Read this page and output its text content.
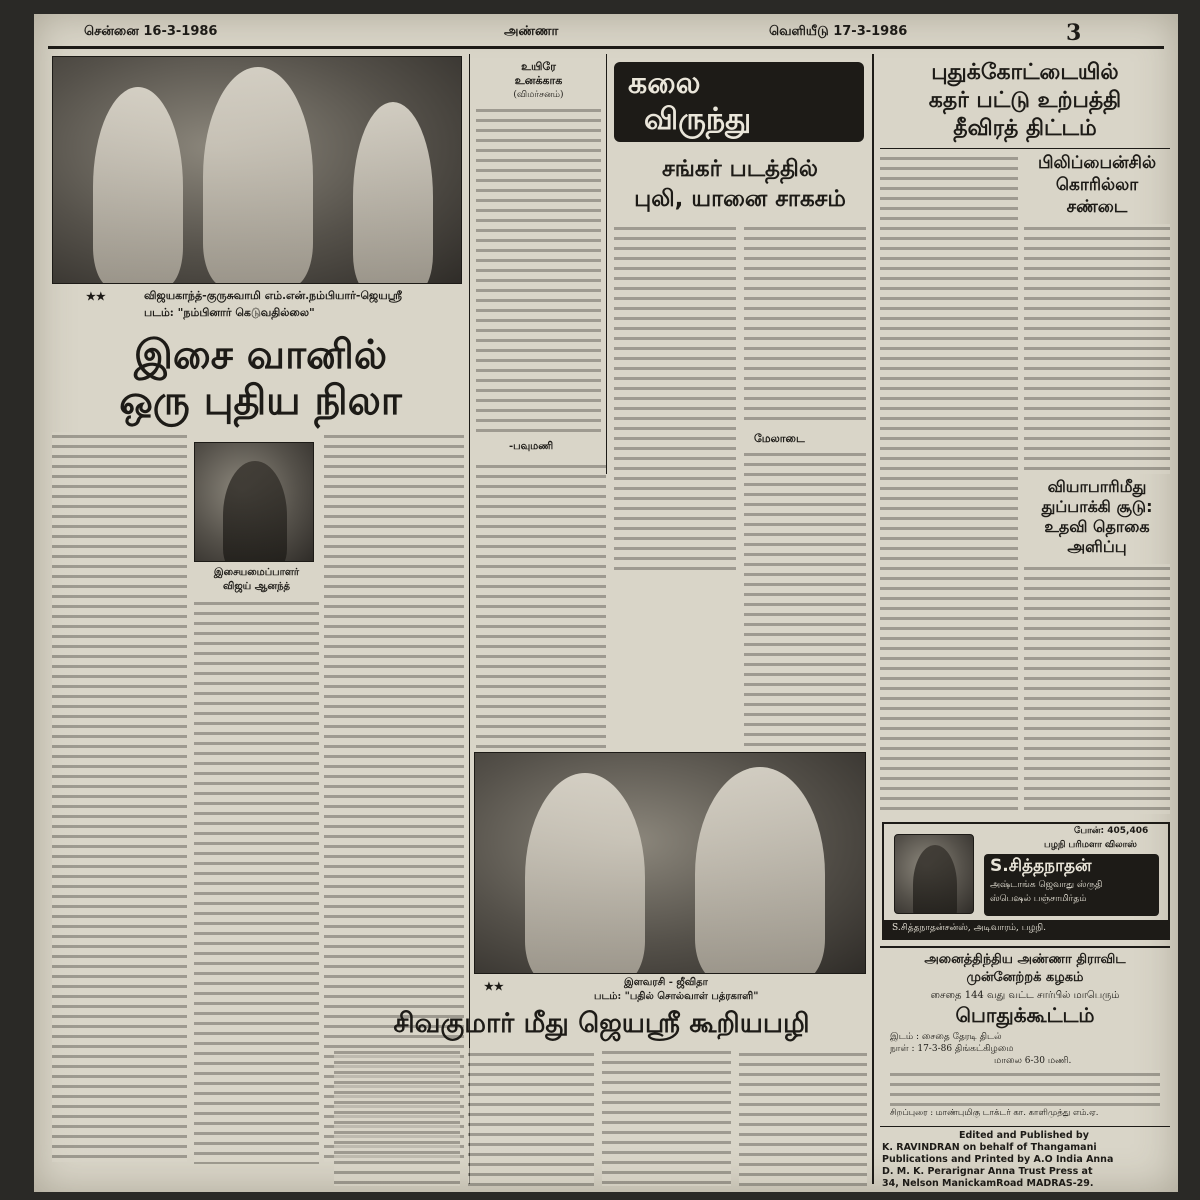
சென்னை 16-3-1986	அண்ணா	வெளியீடு 17-3-1986	3
★★	விஜயகாந்த்-குருசுவாமி எம்.என்.நம்பியார்-ஜெயஸ்ரீ
படம்: "நம்பினார் கெடுவதில்லை"
இசை வானில்
ஒரு புதிய நிலா
இசையமைப்பாளர்
விஜய் ஆனந்த்
உயிரே
உனக்காக
(விமர்சனம்)
-பவுமணி
கலை
விருந்து
சங்கர் படத்தில்
புலி, யானை சாகசம்
மேலாடை
★★	இளவரசி - ஜீவிதா
படம்: "பதில் சொல்வாள் பத்ரகாளி"
சிவகுமார் மீது ஜெயஸ்ரீ கூறியபழி
புதுக்கோட்டையில்
கதர் பட்டு உற்பத்தி
தீவிரத் திட்டம்
பிலிப்பைன்சில்
கொரில்லா
சண்டை
வியாபாரிமீது
துப்பாக்கி சூடு:
உதவி தொகை
அளிப்பு
போன்: 405,406
பழநி பரிமளா விலாஸ்
S.சித்தநாதன்
அஷ்டாங்க ஜெவாது ஸ்ருதி
ஸ்பெஷல் பஞ்சாமிர்தம்
S.சித்தநாதன்சன்ஸ், அடிவாரம், பழநி.
அனைத்திந்திய அண்ணா திராவிட
முன்னேற்றக் கழகம்
சைதை 144 வது வட்ட சார்பில் மாபெரும்
பொதுக்கூட்டம்
இடம் : சைதை தேரடி திடல்
நாள் : 17-3-86 திங்கட்கிழமை
மாலை 6-30 மணி.
சிறப்புரை : மாண்புமிகு டாக்டர் கா. காளிமுத்து எம்.ஏ.
Edited and Published by
K. RAVINDRAN on behalf of Thangamani
Publications and Printed by A.O India Anna
D. M. K. Perarignar Anna Trust Press at
34, Nelson ManickamRoad MADRAS-29.
